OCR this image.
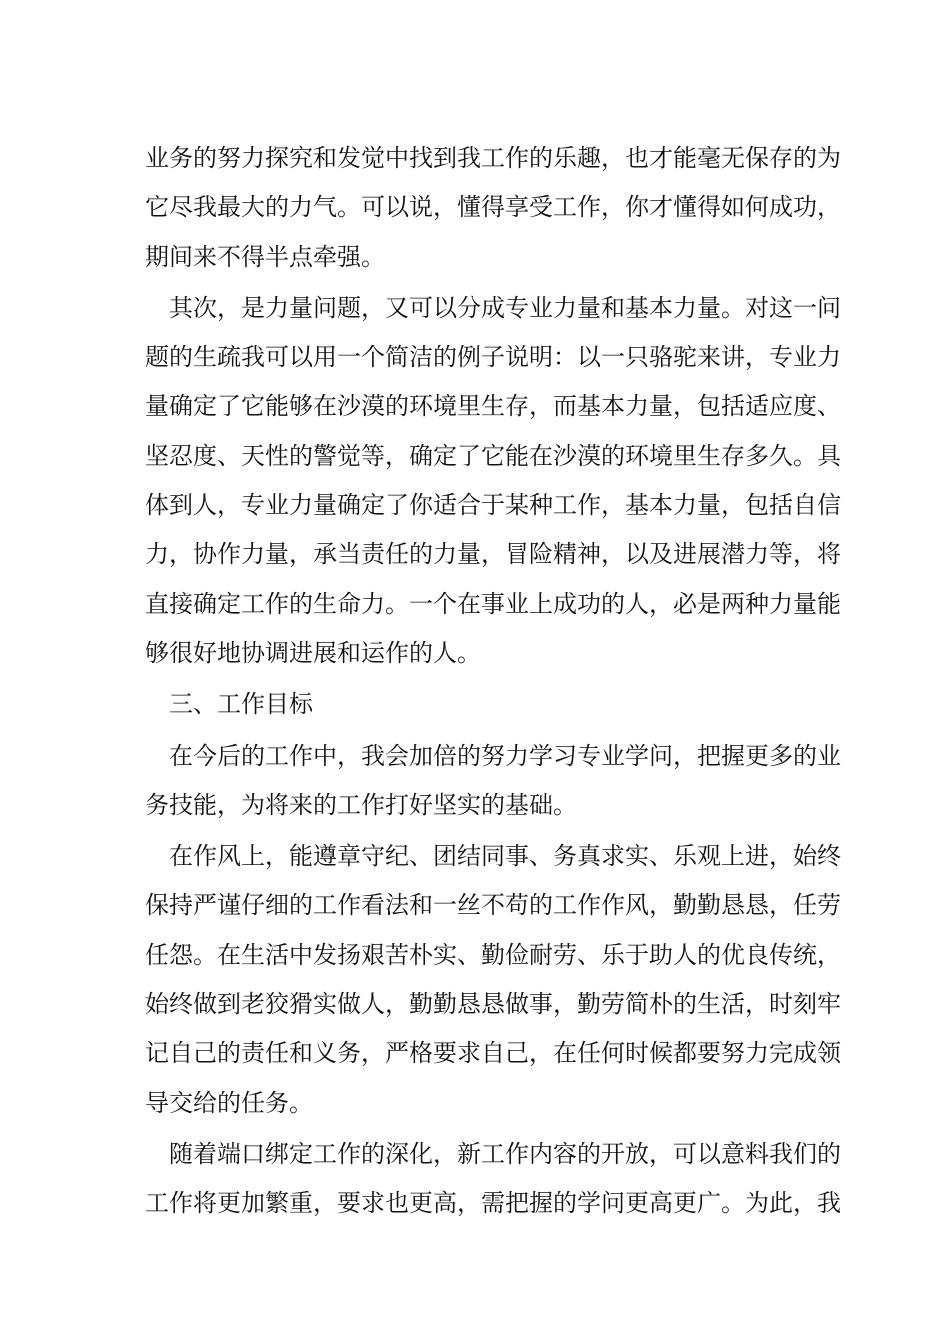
业务的努力探究和发觉中找到我工作的乐趣，也才能毫无保存的为
它尽我最大的力气。可以说，懂得享受工作，你才懂得如何成功，
期间来不得半点牵强。
其次，是力量问题，又可以分成专业力量和基本力量。对这一问
题的生疏我可以用一个简洁的例子说明：以一只骆驼来讲，专业力
量确定了它能够在沙漠的环境里生存，而基本力量，包括适应度、
坚忍度、天性的警觉等，确定了它能在沙漠的环境里生存多久。具
体到人，专业力量确定了你适合于某种工作，基本力量，包括自信
力，协作力量，承当责任的力量，冒险精神，以及进展潜力等，将
直接确定工作的生命力。一个在事业上成功的人，必是两种力量能
够很好地协调进展和运作的人。
三、工作目标
在今后的工作中，我会加倍的努力学习专业学问，把握更多的业
务技能，为将来的工作打好坚实的基础。
在作风上，能遵章守纪、团结同事、务真求实、乐观上进，始终
保持严谨仔细的工作看法和一丝不苟的工作作风，勤勤恳恳，任劳
任怨。在生活中发扬艰苦朴实、勤俭耐劳、乐于助人的优良传统，
始终做到老狡猾实做人，勤勤恳恳做事，勤劳简朴的生活，时刻牢
记自己的责任和义务，严格要求自己，在任何时候都要努力完成领
导交给的任务。
随着端口绑定工作的深化，新工作内容的开放，可以意料我们的
工作将更加繁重，要求也更高，需把握的学问更高更广。为此，我
